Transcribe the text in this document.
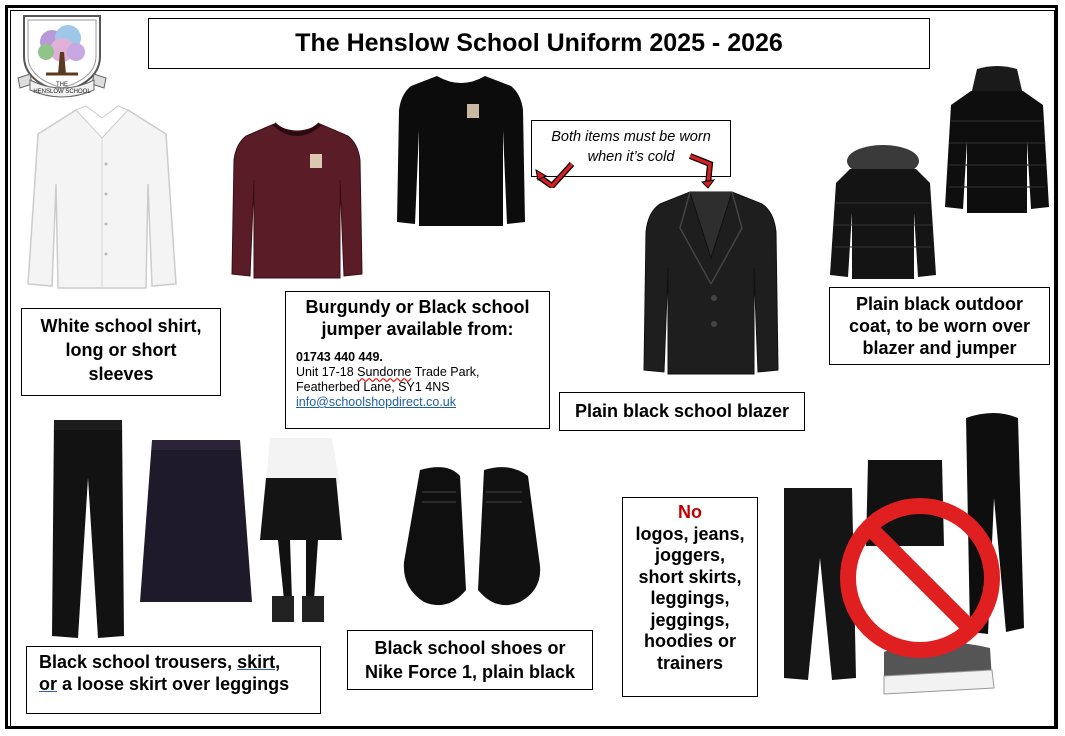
THE
HENSLOW SCHOOL
The Henslow School Uniform 2025 - 2026
White school shirt,
long or short
sleeves
Both items must be worn
when it’s cold
Burgundy or Black school
jumper available from:
01743 440 449.
Unit 17-18 Sundorne Trade Park,
Featherbed Lane, SY1 4NS
info@schoolshopdirect.co.uk	Plain black school blazer
Plain black outdoor
coat, to be worn over
blazer and jumper
Black school trousers, skirt,
or a loose skirt over leggings
Black school shoes or
Nike Force 1, plain black
No
logos, jeans,
joggers,
short skirts,
leggings,
jeggings,
hoodies or
trainers
